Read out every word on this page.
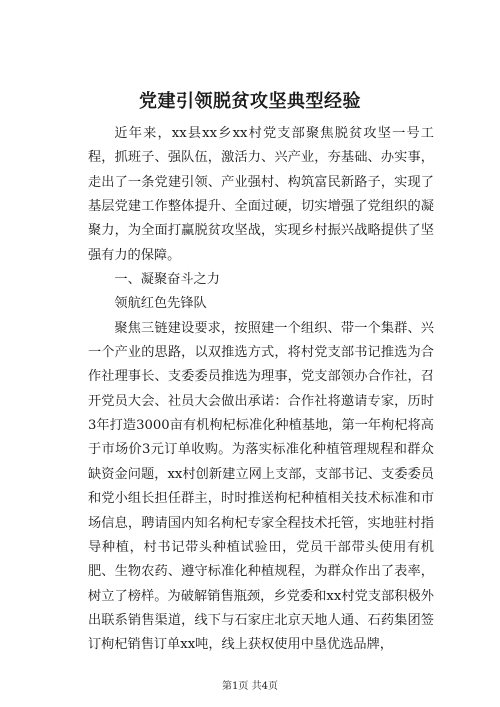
党建引领脱贫攻坚典型经验

近年来，xx县xx乡xx村党支部聚焦脱贫攻坚一号工程，抓班子、强队伍，激活力、兴产业，夯基础、办实事，走出了一条党建引领、产业强村、构筑富民新路子，实现了基层党建工作整体提升、全面过硬，切实增强了党组织的凝聚力，为全面打赢脱贫攻坚战，实现乡村振兴战略提供了坚强有力的保障。

一、凝聚奋斗之力

领航红色先锋队

聚焦三链建设要求，按照建一个组织、带一个集群、兴一个产业的思路，以双推选方式，将村党支部书记推选为合作社理事长、支委委员推选为理事，党支部领办合作社，召开党员大会、社员大会做出承诺：合作社将邀请专家，历时3年打造3000亩有机枸杞标准化种植基地，第一年枸杞将高于市场价3元订单收购。为落实标准化种植管理规程和群众缺资金问题，xx村创新建立网上支部，支部书记、支委委员和党小组长担任群主，时时推送枸杞种植相关技术标准和市场信息，聘请国内知名枸杞专家全程技术托管，实地驻村指导种植，村书记带头种植试验田，党员干部带头使用有机肥、生物农药、遵守标准化种植规程，为群众作出了表率，树立了榜样。为破解销售瓶颈，乡党委和xx村党支部积极外出联系销售渠道，线下与石家庄北京天地人通、石药集团签订枸杞销售订单xx吨，线上获权使用中垦优选品牌，

第1页 共4页
